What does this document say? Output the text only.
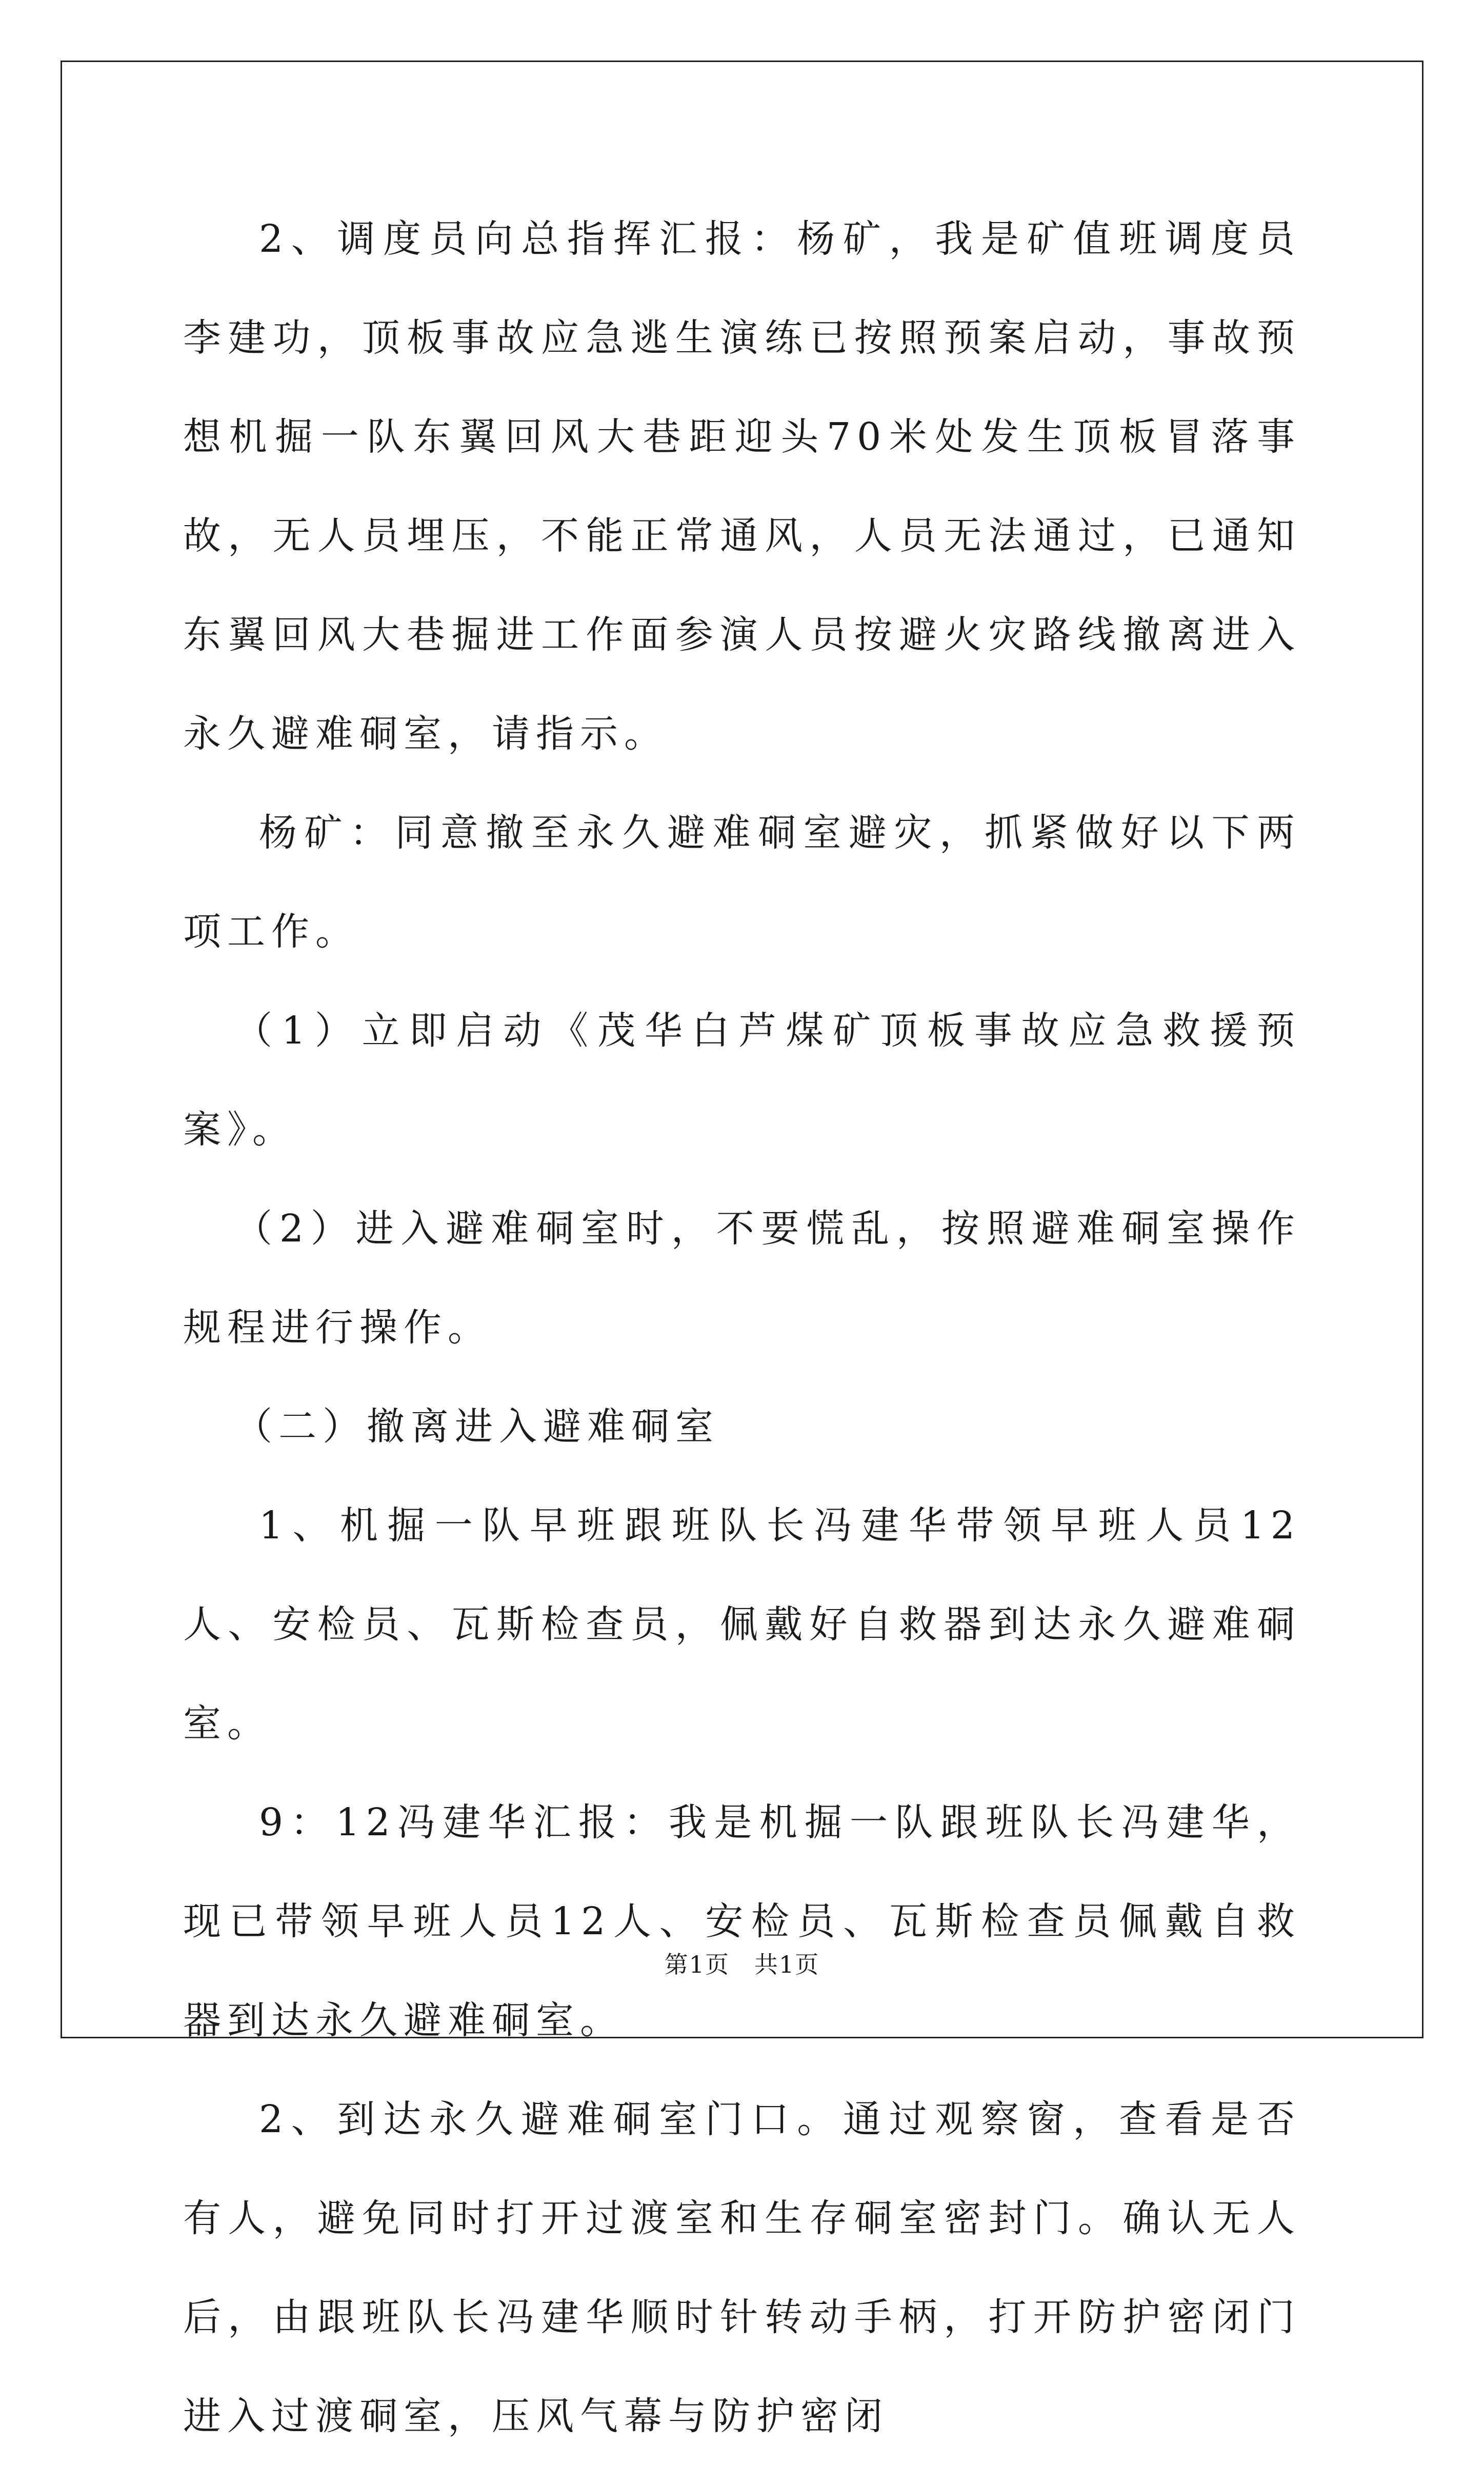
2、调度员向总指挥汇报：杨矿，我是矿值班调度员李建功，顶板事故应急逃生演练已按照预案启动，事故预想机掘一队东翼回风大巷距迎头70米处发生顶板冒落事故，无人员埋压，不能正常通风，人员无法通过，已通知东翼回风大巷掘进工作面参演人员按避火灾路线撤离进入永久避难硐室，请指示。

杨矿：同意撤至永久避难硐室避灾，抓紧做好以下两项工作。

（1）立即启动《茂华白芦煤矿顶板事故应急救援预案》。

（2）进入避难硐室时，不要慌乱，按照避难硐室操作规程进行操作。

（二）撤离进入避难硐室

1、机掘一队早班跟班队长冯建华带领早班人员12人、安检员、瓦斯检查员，佩戴好自救器到达永久避难硐室。

9：12冯建华汇报：我是机掘一队跟班队长冯建华，现已带领早班人员12人、安检员、瓦斯检查员佩戴自救器到达永久避难硐室。

2、到达永久避难硐室门口。通过观察窗，查看是否有人，避免同时打开过渡室和生存硐室密封门。确认无人后，由跟班队长冯建华顺时针转动手柄，打开防护密闭门进入过渡硐室，压风气幕与防护密闭

第1页 共1页
